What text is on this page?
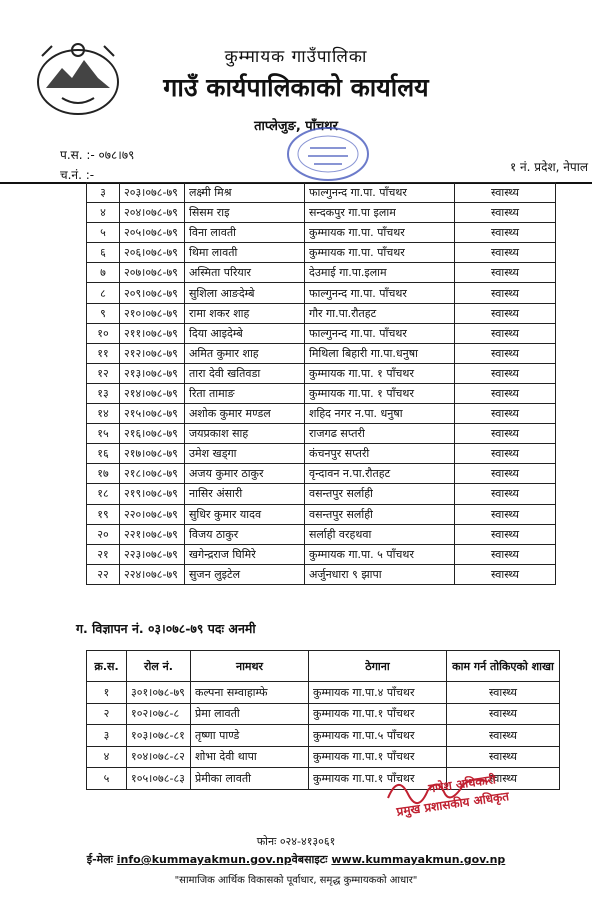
कुम्मायक गाउँपालिका
गाउँ कार्यपालिकाको कार्यालय
ताप्लेजुङ, पाँचथर
प.स. :- ०७८।७९
च.नं. :-
१ नं. प्रदेश, नेपाल
३	२०३।०७८-७९	लक्ष्मी मिश्र	फाल्गुनन्द गा.पा. पाँचथर	स्वास्थ्य
४	२०४।०७८-७९	सिसम राइ	सन्दकपुर गा.पा इलाम	स्वास्थ्य
५	२०५।०७८-७९	विना लावती	कुम्मायक गा.पा. पाँचथर	स्वास्थ्य
६	२०६।०७८-७९	थिमा लावती	कुम्मायक गा.पा. पाँचथर	स्वास्थ्य
७	२०७।०७८-७९	अस्मिता परियार	देउमाई गा.पा.इलाम	स्वास्थ्य
८	२०९।०७८-७९	सुशिला आङदेम्बे	फाल्गुनन्द गा.पा. पाँचथर	स्वास्थ्य
९	२१०।०७८-७९	रामा शकर शाह	गौर गा.पा.रौतहट	स्वास्थ्य
१०	२११।०७८-७९	दिया आइदेम्बे	फाल्गुनन्द गा.पा. पाँचथर	स्वास्थ्य
११	२१२।०७८-७९	अमित कुमार शाह	मिथिला बिहारी गा.पा.धनुषा	स्वास्थ्य
१२	२१३।०७८-७९	तारा देवी खतिवडा	कुम्मायक गा.पा. १ पाँचथर	स्वास्थ्य
१३	२१४।०७८-७९	रिता तामाङ	कुम्मायक गा.पा. १ पाँचथर	स्वास्थ्य
१४	२१५।०७८-७९	अशोक कुमार मण्डल	शहिद नगर न.पा. धनुषा	स्वास्थ्य
१५	२१६।०७८-७९	जयप्रकाश साह	राजगढ सप्तरी	स्वास्थ्य
१६	२१७।०७८-७९	उमेश खड्गा	कंचनपुर सप्तरी	स्वास्थ्य
१७	२१८।०७८-७९	अजय कुमार ठाकुर	वृन्दावन न.पा.रौतहट	स्वास्थ्य
१८	२१९।०७८-७९	नासिर अंसारी	वसन्तपुर सर्लाही	स्वास्थ्य
१९	२२०।०७८-७९	सुधिर कुमार यादव	वसन्तपुर सर्लाही	स्वास्थ्य
२०	२२१।०७८-७९	विजय ठाकुर	सर्लाही वरहथवा	स्वास्थ्य
२१	२२३।०७८-७९	खगेन्द्रराज घिमिरे	कुम्मायक गा.पा. ५ पाँचथर	स्वास्थ्य
२२	२२४।०७८-७९	सुजन लुइटेल	अर्जुनधारा ९ झापा	स्वास्थ्य
ग. विज्ञापन नं. ०३।०७८-७९ पदः अनमी
क्र.स.	रोल नं.	नामथर	ठेगाना	काम गर्न तोकिएको शाखा
१	३०१।०७८-७९	कल्पना सम्वाहाम्फे	कुम्मायक गा.पा.४ पाँचथर	स्वास्थ्य
२	१०२।०७८-८	प्रेमा लावती	कुम्मायक गा.पा.१ पाँचथर	स्वास्थ्य
३	१०३।०७८-८१	तृष्णा पाण्डे	कुम्मायक गा.पा.५ पाँचथर	स्वास्थ्य
४	१०४।०७८-८२	शोभा देवी थापा	कुम्मायक गा.पा.१ पाँचथर	स्वास्थ्य
५	१०५।०७८-८३	प्रेमीका लावती	कुम्मायक गा.पा.१ पाँचथर	स्वास्थ्य
गणेश अधिकारी
प्रमुख प्रशासकीय अधिकृत
फोनः ०२४-४१३०६१
ई-मेलः info@kummayakmun.gov.npवेबसाइटः www.kummayakmun.gov.np
"सामाजिक आर्थिक विकासको पूर्वाधार, समृद्ध कुम्मायकको आधार"
